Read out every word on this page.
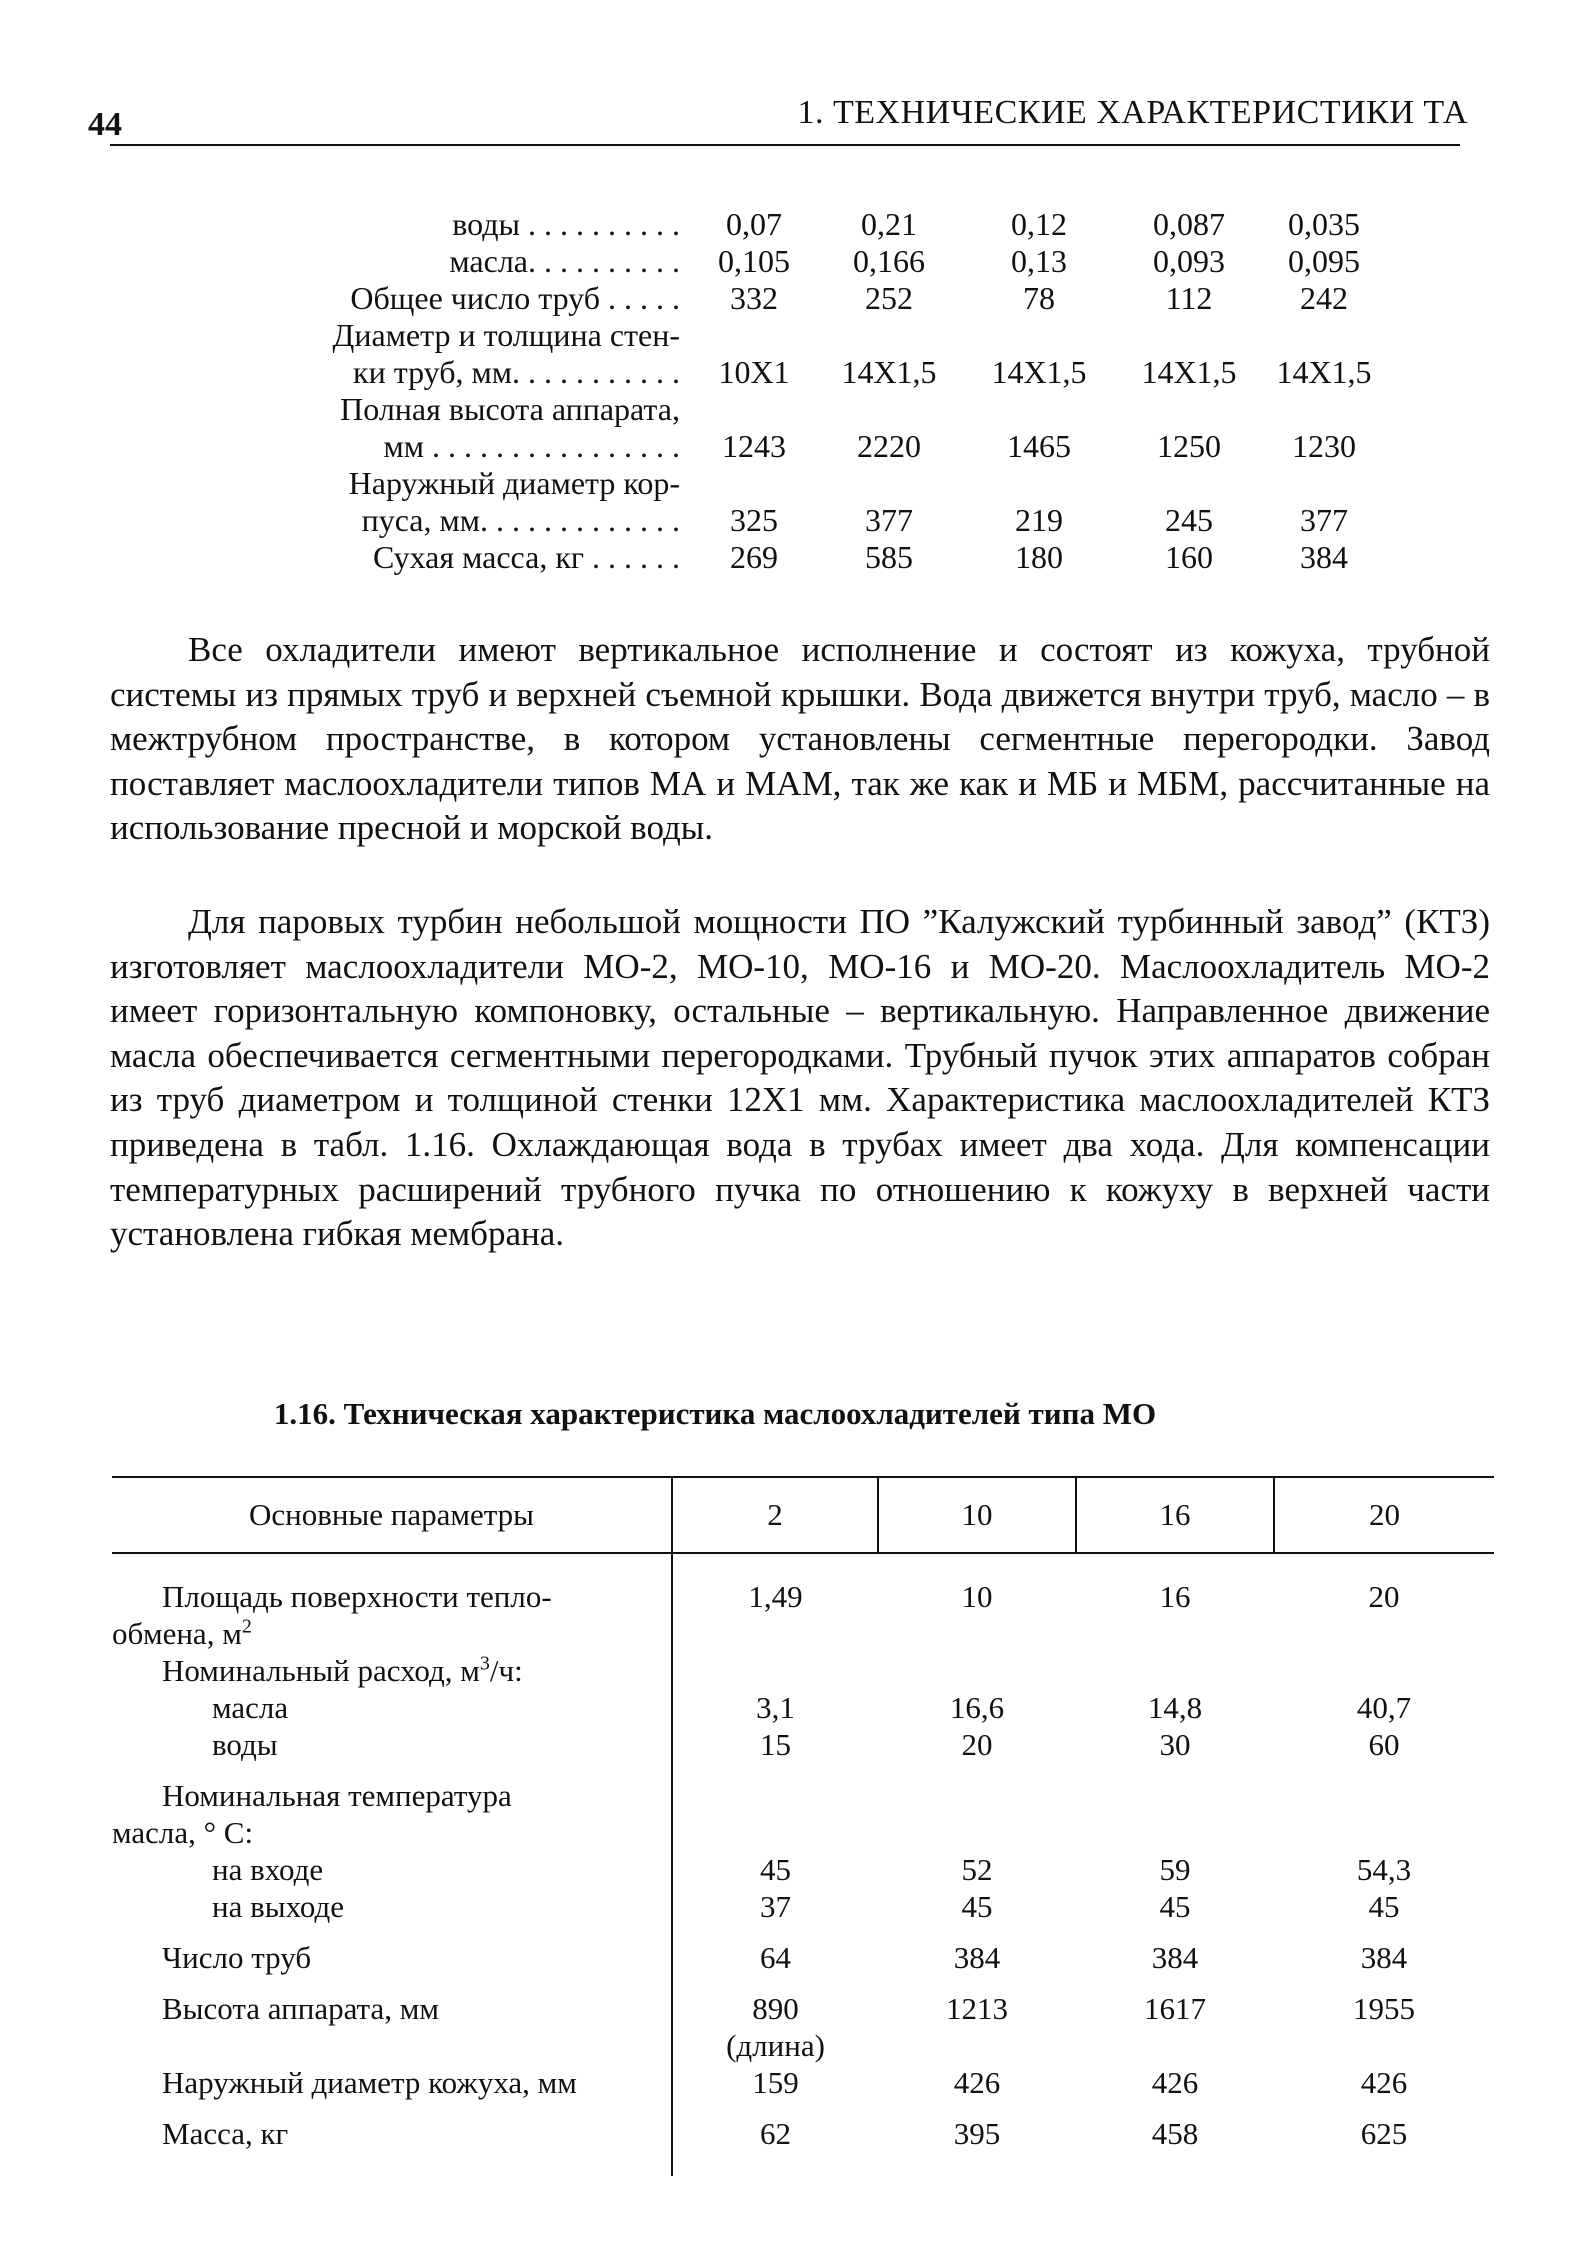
44	1. ТЕХНИЧЕСКИЕ ХАРАКТЕРИСТИКИ ТА
воды . . . . . . . . . .	0,07	0,21	0,12	0,087	0,035
масла. . . . . . . . . .	0,105	0,166	0,13	0,093	0,095
Общее число труб . . . . .	332	252	78	112	242
Диаметр и толщина стен-					
ки труб, мм. . . . . . . . . . .	10X1	14X1,5	14X1,5	14X1,5	14X1,5
Полная высота аппарата,					
мм . . . . . . . . . . . . . . . .	1243	2220	1465	1250	1230
Наружный диаметр кор-					
пуса, мм. . . . . . . . . . . . .	325	377	219	245	377
Сухая масса, кг . . . . . .	269	585	180	160	384

Все охладители имеют вертикальное исполнение и состоят из кожуха, трубной системы из прямых труб и верхней съемной крышки. Вода движется внутри труб, масло – в межтрубном пространстве, в котором установлены сегментные перегородки. Завод поставляет маслоохладители типов МА и МАМ, так же как и МБ и МБМ, рассчитанные на использование пресной и морской воды.

Для паровых турбин небольшой мощности ПО ”Калужский турбинный завод” (КТЗ) изготовляет маслоохладители МО-2, МО-10, МО-16 и МО-20. Маслоохладитель МО-2 имеет горизонтальную компоновку, остальные – вертикальную. Направленное движение масла обеспечивается сегментными перегородками. Трубный пучок этих аппаратов собран из труб диаметром и толщиной стенки 12X1 мм. Характеристика маслоохладителей КТЗ приведена в табл. 1.16. Охлаждающая вода в трубах имеет два хода. Для компенсации температурных расширений трубного пучка по отношению к кожуху в верхней части установлена гибкая мембрана.

1.16. Техническая характеристика маслоохладителей типа МО
Основные параметры	2	10	16	20

Площадь поверхности тепло-	1,49	10	16	20
обмена, $м^2$				
Номинальный расход, $м^3/ч$:				
масла	3,1	16,6	14,8	40,7
воды	15	20	30	60

Номинальная температура				
масла, ° С:				
на входе	45	52	59	54,3
на выходе	37	45	45	45

Число труб	64	384	384	384

Высота аппарата, мм	890	1213	1617	1955
	(длина)			
Наружный диаметр кожуха, мм	159	426	426	426

Масса, кг	62	395	458	625
